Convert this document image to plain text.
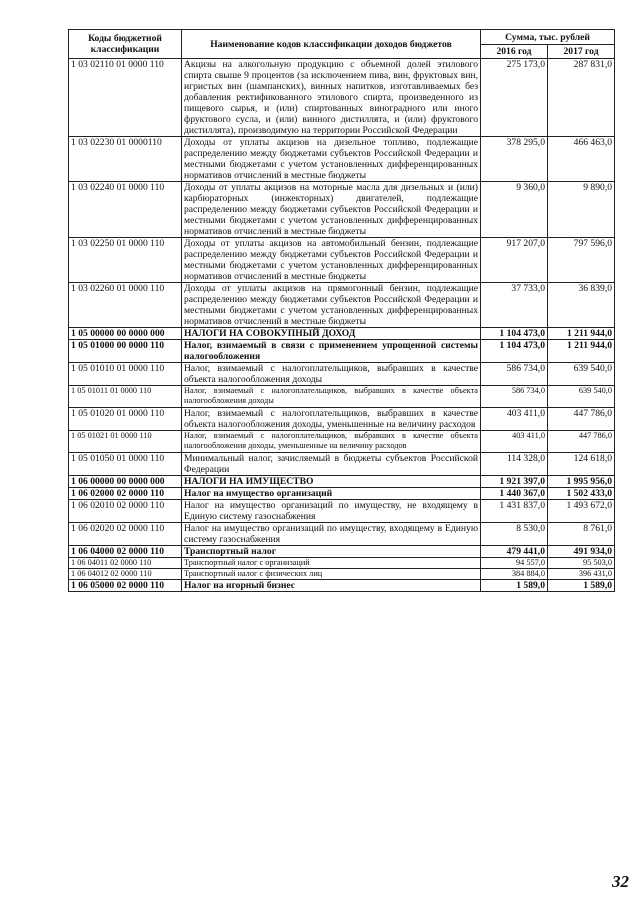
Коды бюджетной классификации	Наименование кодов классификации доходов бюджетов	Сумма, тыс. рублей	
		2016 год	2017 год
1 03 02110 01 0000 110	Акцизы на алкогольную продукцию с объемной долей этилового спирта свыше 9 процентов (за исключением пива, вин, фруктовых вин, игристых вин (шампанских), винных напитков, изготавливаемых без добавления ректификованного этилового спирта, произведенного из пищевого сырья, и (или) спиртованных виноградного или иного фруктового сусла, и (или) винного дистиллята, и (или) фруктового дистиллята), производимую на территории Российской Федерации	275 173,0	287 831,0
1 03 02230 01 0000110	Доходы от уплаты акцизов на дизельное топливо, подлежащие распределению между бюджетами субъектов Российской Федерации и местными бюджетами с учетом установленных дифференцированных нормативов отчислений в местные бюджеты	378 295,0	466 463,0
1 03 02240 01 0000 110	Доходы от уплаты акцизов на моторные масла для дизельных и (или) карбюраторных (инжекторных) двигателей, подлежащие распределению между бюджетами субъектов Российской Федерации и местными бюджетами с учетом установленных дифференцированных нормативов отчислений в местные бюджеты	9 360,0	9 890,0
1 03 02250 01 0000 110	Доходы от уплаты акцизов на автомобильный бензин, подлежащие распределению между бюджетами субъектов Российской Федерации и местными бюджетами с учетом установленных дифференцированных нормативов отчислений в местные бюджеты	917 207,0	797 596,0
1 03 02260 01 0000 110	Доходы от уплаты акцизов на прямогонный бензин, подлежащие распределению между бюджетами субъектов Российской Федерации и местными бюджетами с учетом установленных дифференцированных нормативов отчислений в местные бюджеты	37 733,0	36 839,0
1 05 00000 00 0000 000	НАЛОГИ НА СОВОКУПНЫЙ ДОХОД	1 104 473,0	1 211 944,0
1 05 01000 00 0000 110	Налог, взимаемый в связи с применением упрощенной системы налогообложения	1 104 473,0	1 211 944,0
1 05 01010 01 0000 110	Налог, взимаемый с налогоплательщиков, выбравших в качестве объекта налогообложения доходы	586 734,0	639 540,0
1 05 01011 01 0000 110	Налог, взимаемый с налогоплательщиков, выбравших в качестве объекта налогообложения доходы	586 734,0	639 540,0
1 05 01020 01 0000 110	Налог, взимаемый с налогоплательщиков, выбравших в качестве объекта налогообложения доходы, уменьшенные на величину расходов	403 411,0	447 786,0
1 05 01021 01 0000 110	Налог, взимаемый с налогоплательщиков, выбравших в качестве объекта налогообложения доходы, уменьшенные на величину расходов	403 411,0	447 786,0
1 05 01050 01 0000 110	Минимальный налог, зачисляемый в бюджеты субъектов Российской Федерации	114 328,0	124 618,0
1 06 00000 00 0000 000	НАЛОГИ НА ИМУЩЕСТВО	1 921 397,0	1 995 956,0
1 06 02000 02 0000 110	Налог на имущество организаций	1 440 367,0	1 502 433,0
1 06 02010 02 0000 110	Налог на имущество организаций по имуществу, не входящему в Единую систему газоснабжения	1 431 837,0	1 493 672,0
1 06 02020 02 0000 110	Налог на имущество организаций по имуществу, входящему в Единую систему газоснабжения	8 530,0	8 761,0
1 06 04000 02 0000 110	Транспортный налог	479 441,0	491 934,0
1 06 04011 02 0000 110	Транспортный налог с организаций	94 557,0	95 503,0
1 06 04012 02 0000 110	Транспортный налог с физических лиц	384 884,0	396 431,0
1 06 05000 02 0000 110	Налог на игорный бизнес	1 589,0	1 589,0
32
